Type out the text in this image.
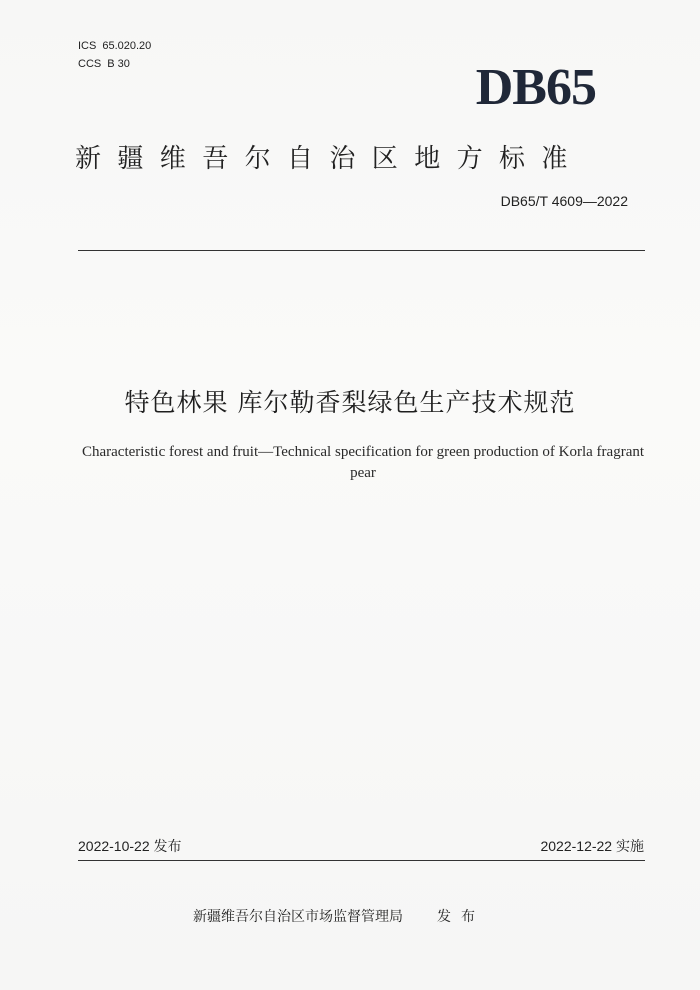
ICS 65.020.20
CCS B 30	DB65
新疆维吾尔自治区地方标准
DB65/T 4609—2022
特色林果 库尔勒香梨绿色生产技术规范
Characteristic forest and fruit—Technical specification for green production of Korla fragrant pear
2022-10-22 发布	2022-12-22 实施
新疆维吾尔自治区市场监督管理局 发布
